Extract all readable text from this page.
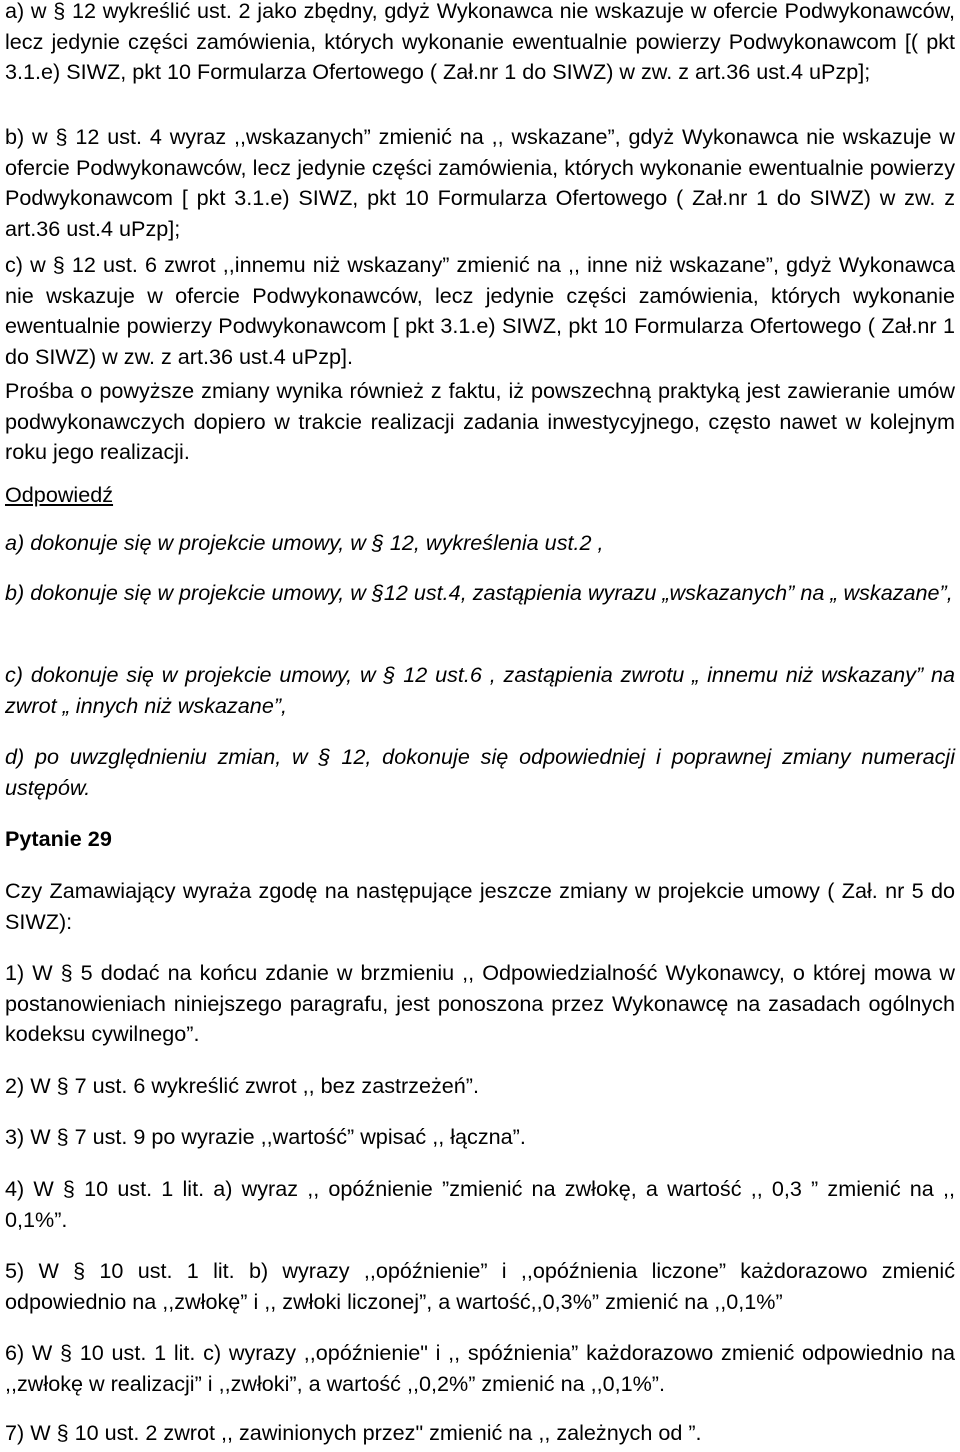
a) w § 12 wykreślić ust. 2 jako zbędny, gdyż Wykonawca nie wskazuje w ofercie Podwykonawców, lecz jedynie części zamówienia, których wykonanie ewentualnie powierzy Podwykonawcom [( pkt 3.1.e) SIWZ, pkt 10 Formularza Ofertowego ( Zał.nr 1 do SIWZ) w zw. z art.36 ust.4 uPzp];

b) w § 12 ust. 4 wyraz ,,wskazanych” zmienić na ,, wskazane”, gdyż Wykonawca nie wskazuje w ofercie Podwykonawców, lecz jedynie części zamówienia, których wykonanie ewentualnie powierzy Podwykonawcom [ pkt 3.1.e) SIWZ, pkt 10 Formularza Ofertowego ( Zał.nr 1 do SIWZ) w zw. z art.36 ust.4 uPzp];

c) w § 12 ust. 6 zwrot ,,innemu niż wskazany” zmienić na ,, inne niż wskazane”, gdyż Wykonawca nie wskazuje w ofercie Podwykonawców, lecz jedynie części zamówienia, których wykonanie ewentualnie powierzy Podwykonawcom [ pkt 3.1.e) SIWZ, pkt 10 Formularza Ofertowego ( Zał.nr 1 do SIWZ) w zw. z art.36 ust.4 uPzp].

Prośba o powyższe zmiany wynika również z faktu, iż powszechną praktyką jest zawieranie umów podwykonawczych dopiero w trakcie realizacji zadania inwestycyjnego, często nawet w kolejnym roku jego realizacji.

Odpowiedź

a) dokonuje się w projekcie umowy, w § 12, wykreślenia ust.2 ,

b) dokonuje się w projekcie umowy, w §12 ust.4, zastąpienia wyrazu „wskazanych” na „ wskazane”,

c) dokonuje się w projekcie umowy, w § 12 ust.6 , zastąpienia zwrotu „ innemu niż wskazany” na zwrot „ innych niż wskazane”,

d) po uwzględnieniu zmian, w § 12, dokonuje się odpowiedniej i poprawnej zmiany numeracji ustępów.

Pytanie 29

Czy Zamawiający wyraża zgodę na następujące jeszcze zmiany w projekcie umowy ( Zał. nr 5 do SIWZ):

1) W § 5 dodać na końcu zdanie w brzmieniu ,, Odpowiedzialność Wykonawcy, o której mowa w postanowieniach niniejszego paragrafu, jest ponoszona przez Wykonawcę na zasadach ogólnych kodeksu cywilnego”.

2) W § 7 ust. 6 wykreślić zwrot ,, bez zastrzeżeń”.

3) W § 7 ust. 9 po wyrazie ,,wartość” wpisać ,, łączna”.

4) W § 10 ust. 1 lit. a) wyraz ,, opóźnienie ”zmienić na zwłokę, a wartość ,, 0,3 ” zmienić na ,, 0,1%”.

5) W § 10 ust. 1 lit. b) wyrazy ,,opóźnienie” i ,,opóźnienia liczone” każdorazowo zmienić odpowiednio na ,,zwłokę” i ,, zwłoki liczonej”, a wartość,,0,3%” zmienić na ,,0,1%”

6) W § 10 ust. 1 lit. c) wyrazy ,,opóźnienie" i ,, spóźnienia” każdorazowo zmienić odpowiednio na ,,zwłokę w realizacji” i ,,zwłoki”, a wartość ,,0,2%” zmienić na ,,0,1%”.

7) W § 10 ust. 2 zwrot ,, zawinionych przez" zmienić na ,, zależnych od ”.
